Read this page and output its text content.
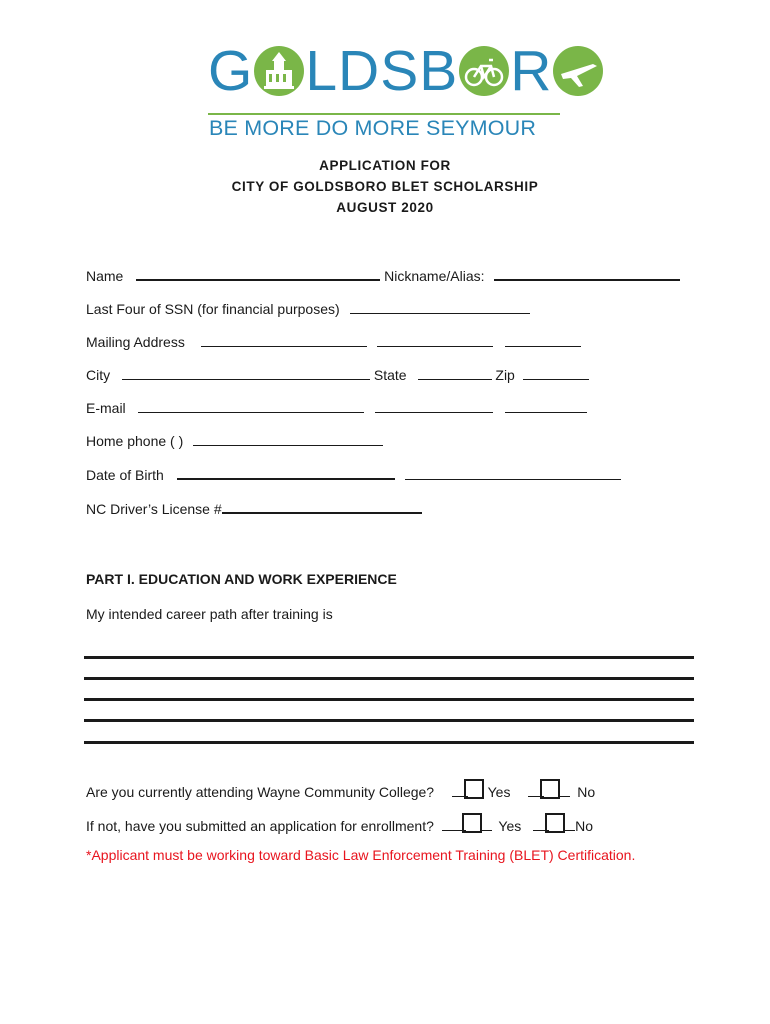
G LDSB R
BE MORE DO MORE SEYMOUR
APPLICATION FOR
CITY OF GOLDSBORO BLET SCHOLARSHIP
AUGUST 2020
Name	Nickname/Alias:
Last Four of SSN (for financial purposes)
Mailing Address
City	State	Zip
E-mail
Home phone ( )
Date of Birth
NC Driver’s License #
PART I. EDUCATION AND WORK EXPERIENCE
My intended career path after training is
Are you currently attending Wayne Community College?	Yes	No
If not, have you submitted an application for enrollment?	Yes	No
*Applicant must be working toward Basic Law Enforcement Training (BLET) Certification.
